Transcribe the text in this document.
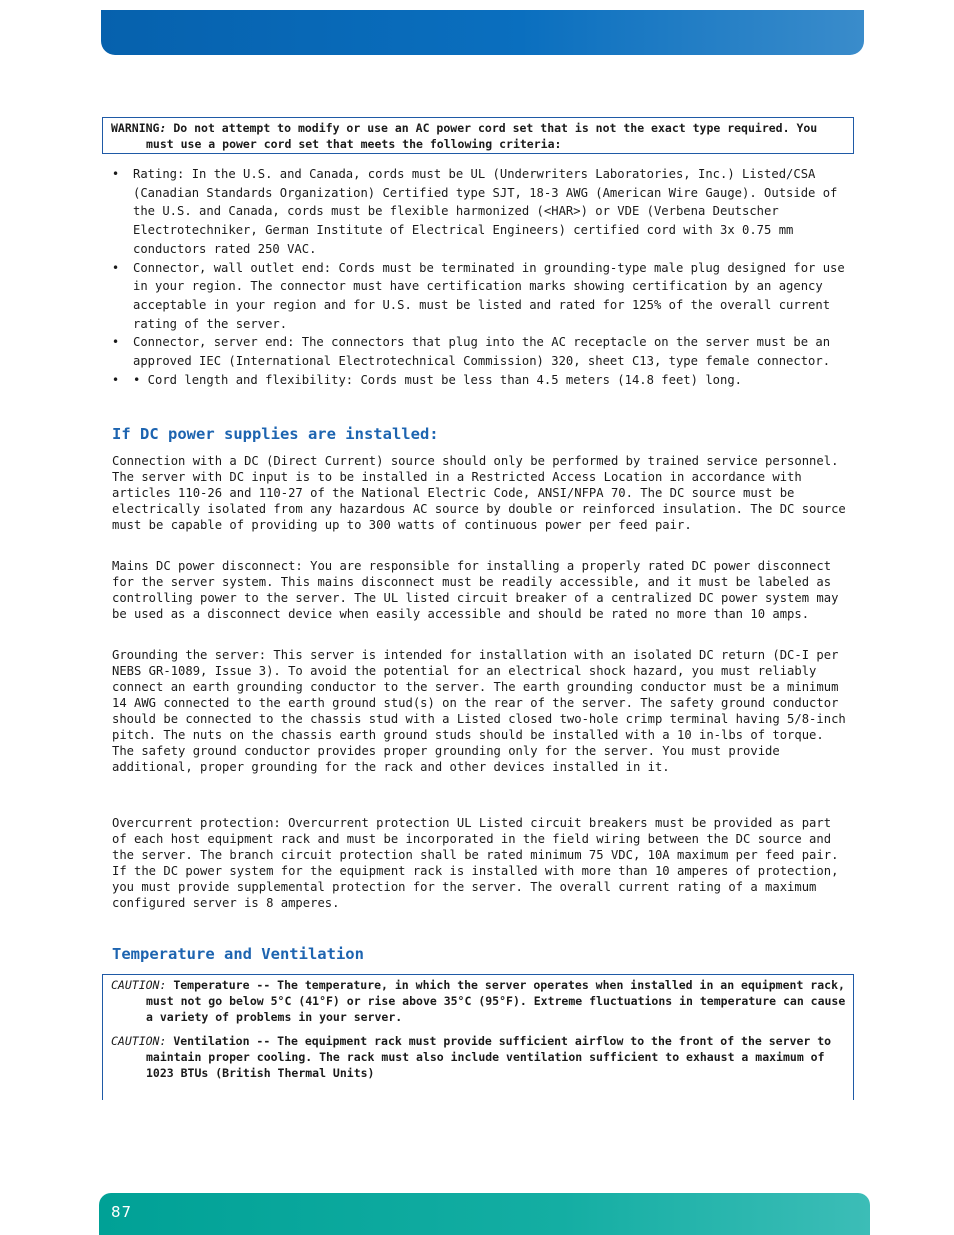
WARNING: Do not attempt to modify or use an AC power cord set that is not the exact type required. You must use a power cord set that meets the following criteria:
• Rating: In the U.S. and Canada, cords must be UL (Underwriters Laboratories, Inc.) Listed/CSA (Canadian Standards Organization) Certified type SJT, 18-3 AWG (American Wire Gauge). Outside of the U.S. and Canada, cords must be flexible harmonized (<HAR>) or VDE (Verbena Deutscher Electrotechniker, German Institute of Electrical Engineers) certified cord with 3x 0.75 mm conductors rated 250 VAC.
• Connector, wall outlet end: Cords must be terminated in grounding-type male plug designed for use in your region. The connector must have certification marks showing certification by an agency acceptable in your region and for U.S. must be listed and rated for 125% of the overall current rating of the server.
• Connector, server end: The connectors that plug into the AC receptacle on the server must be an approved IEC (International Electrotechnical Commission) 320, sheet C13, type female connector.
• • Cord length and flexibility: Cords must be less than 4.5 meters (14.8 feet) long.
If DC power supplies are installed:

Connection with a DC (Direct Current) source should only be performed by trained service personnel. The server with DC input is to be installed in a Restricted Access Location in accordance with articles 110-26 and 110-27 of the National Electric Code, ANSI/NFPA 70. The DC source must be electrically isolated from any hazardous AC source by double or reinforced insulation. The DC source must be capable of providing up to 300 watts of continuous power per feed pair.

Mains DC power disconnect: You are responsible for installing a properly rated DC power disconnect for the server system. This mains disconnect must be readily accessible, and it must be labeled as controlling power to the server. The UL listed circuit breaker of a centralized DC power system may be used as a disconnect device when easily accessible and should be rated no more than 10 amps.

Grounding the server: This server is intended for installation with an isolated DC return (DC-I per NEBS GR-1089, Issue 3). To avoid the potential for an electrical shock hazard, you must reliably connect an earth grounding conductor to the server. The earth grounding conductor must be a minimum 14 AWG connected to the earth ground stud(s) on the rear of the server. The safety ground conductor should be connected to the chassis stud with a Listed closed two-hole crimp terminal having 5/8-inch pitch. The nuts on the chassis earth ground studs should be installed with a 10 in-lbs of torque. The safety ground conductor provides proper grounding only for the server. You must provide additional, proper grounding for the rack and other devices installed in it.

Overcurrent protection: Overcurrent protection UL Listed circuit breakers must be provided as part of each host equipment rack and must be incorporated in the field wiring between the DC source and the server. The branch circuit protection shall be rated minimum 75 VDC, 10A maximum per feed pair. If the DC power system for the equipment rack is installed with more than 10 amperes of protection, you must provide supplemental protection for the server. The overall current rating of a maximum configured server is 8 amperes.

Temperature and Ventilation

CAUTION: Temperature -- The temperature, in which the server operates when installed in an equipment rack, must not go below 5°C (41°F) or rise above 35°C (95°F). Extreme fluctuations in temperature can cause a variety of problems in your server.

CAUTION: Ventilation -- The equipment rack must provide sufficient airflow to the front of the server to maintain proper cooling. The rack must also include ventilation sufficient to exhaust a maximum of 1023 BTUs (British Thermal Units)

87
